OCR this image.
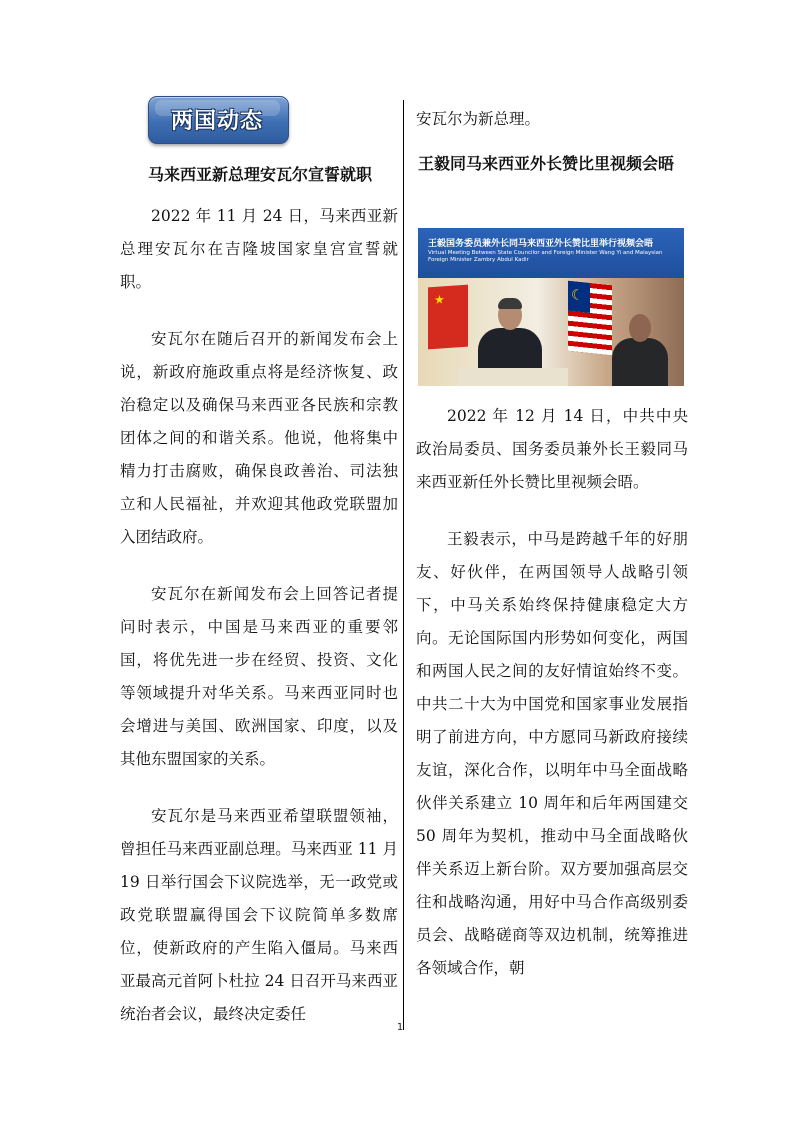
两国动态
马来西亚新总理安瓦尔宣誓就职

2022 年 11 月 24 日，马来西亚新总理安瓦尔在吉隆坡国家皇宫宣誓就职。

安瓦尔在随后召开的新闻发布会上说，新政府施政重点将是经济恢复、政治稳定以及确保马来西亚各民族和宗教团体之间的和谐关系。他说，他将集中精力打击腐败，确保良政善治、司法独立和人民福祉，并欢迎其他政党联盟加入团结政府。

安瓦尔在新闻发布会上回答记者提问时表示，中国是马来西亚的重要邻国，将优先进一步在经贸、投资、文化等领域提升对华关系。马来西亚同时也会增进与美国、欧洲国家、印度，以及其他东盟国家的关系。

安瓦尔是马来西亚希望联盟领袖，曾担任马来西亚副总理。马来西亚 11 月 19 日举行国会下议院选举，无一政党或政党联盟赢得国会下议院简单多数席位，使新政府的产生陷入僵局。马来西亚最高元首阿卜杜拉 24 日召开马来西亚统治者会议，最终决定委任

安瓦尔为新总理。

王毅同马来西亚外长赞比里视频会晤
王毅国务委员兼外长同马来西亚外长赞比里举行视频会晤
Virtual Meeting Between State Councilor and Foreign Minister Wang Yi and Malaysian Foreign Minister Zambry Abdul Kadir
★	☾

2022 年 12 月 14 日，中共中央政治局委员、国务委员兼外长王毅同马来西亚新任外长赞比里视频会晤。

王毅表示，中马是跨越千年的好朋友、好伙伴，在两国领导人战略引领下，中马关系始终保持健康稳定大方向。无论国际国内形势如何变化，两国和两国人民之间的友好情谊始终不变。中共二十大为中国党和国家事业发展指明了前进方向，中方愿同马新政府接续友谊，深化合作，以明年中马全面战略伙伴关系建立 10 周年和后年两国建交 50 周年为契机，推动中马全面战略伙伴关系迈上新台阶。双方要加强高层交往和战略沟通，用好中马合作高级别委员会、战略磋商等双边机制，统筹推进各领域合作，朝

1
